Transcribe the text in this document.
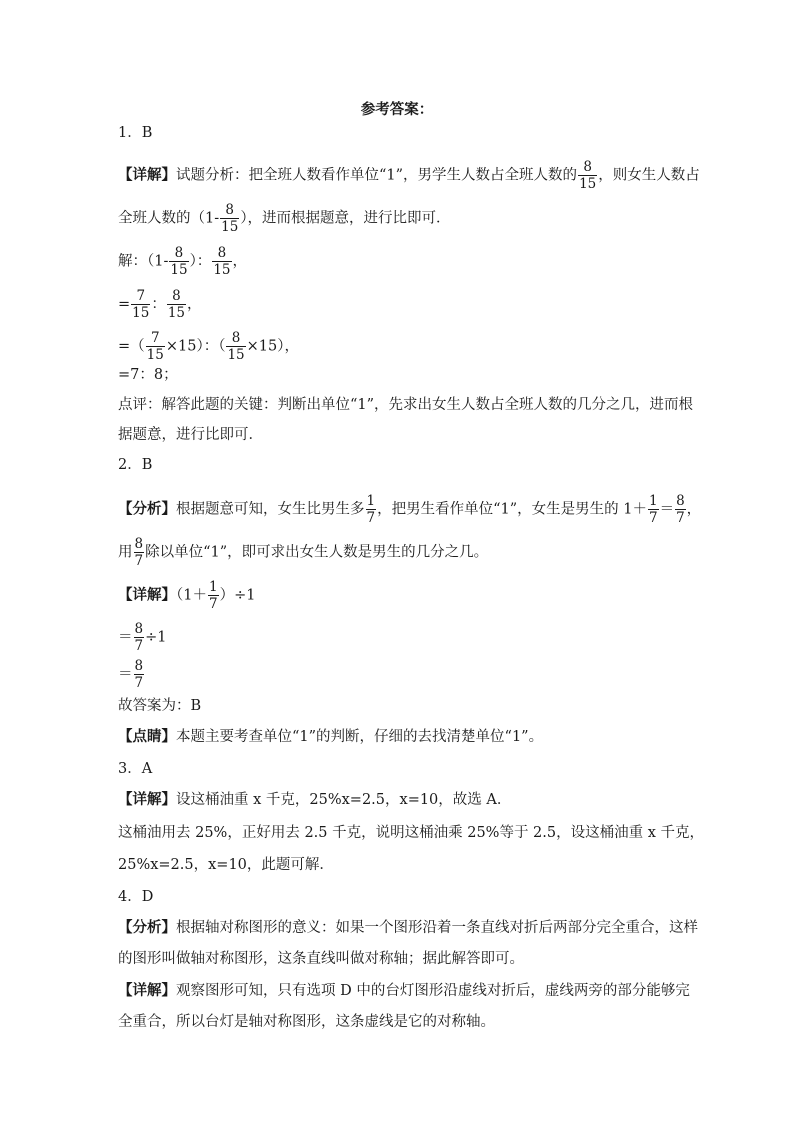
参考答案：
1．B
【详解】试题分析：把全班人数看作单位“1”，男学生人数占全班人数的 $\frac{8}{15}$ ，则女生人数占
全班人数的（$1- \frac{8}{15}$ ），进而根据题意，进行比即可．
解：（$1- \frac{8}{15}$ ）： $\frac{8}{15}$ ，
= $\frac{7}{15}$ ： $\frac{8}{15}$ ，
=（ $\frac{7}{15} \times 15$）：（ $\frac{8}{15} \times 15$），
=7：8；
点评：解答此题的关键：判断出单位“1”，先求出女生人数占全班人数的几分之几，进而根
据题意，进行比即可．
2．B
【分析】根据题意可知，女生比男生多 $\frac{1}{7}$ ，把男生看作单位“1”，女生是男生的 $1+ \frac{1}{7} = \frac{8}{7}$ ，
用 $\frac{8}{7}$ 除以单位“1”，即可求出女生人数是男生的几分之几。
【详解】$(1+ \frac{1}{7} )\div 1$
＝ $\frac{8}{7} \div 1$
＝ $\frac{8}{7}$
故答案为：B
【点睛】本题主要考查单位“1”的判断，仔细的去找清楚单位“1”。
3．A
【详解】设这桶油重 x 千克，25%x=2.5，x=10，故选 A．
这桶油用去 25%，正好用去 2.5 千克，说明这桶油乘 25%等于 2.5，设这桶油重 x 千克，
25%x=2.5，x=10，此题可解．
4．D
【分析】根据轴对称图形的意义：如果一个图形沿着一条直线对折后两部分完全重合，这样
的图形叫做轴对称图形，这条直线叫做对称轴；据此解答即可。
【详解】观察图形可知，只有选项 D 中的台灯图形沿虚线对折后，虚线两旁的部分能够完
全重合，所以台灯是轴对称图形，这条虚线是它的对称轴。
